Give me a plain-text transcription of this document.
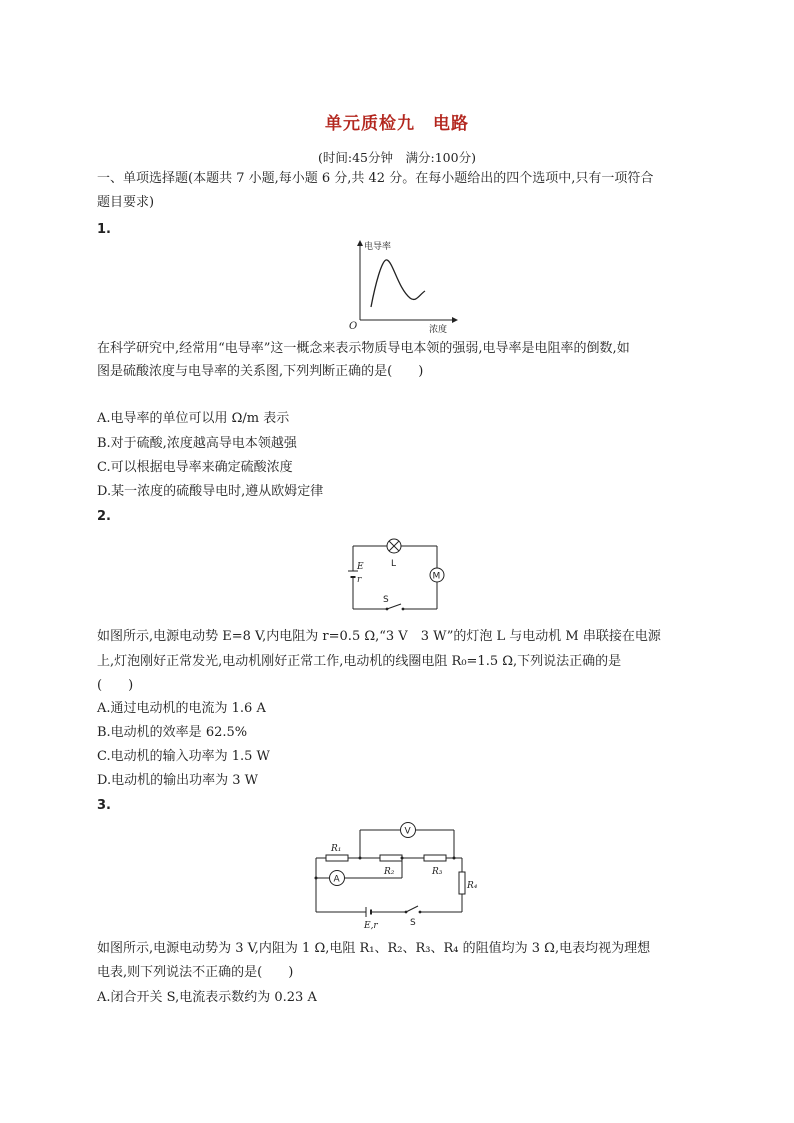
单元质检九　电路
(时间:45分钟　满分:100分)
一、单项选择题(本题共 7 小题,每小题 6 分,共 42 分。在每小题给出的四个选项中,只有一项符合
题目要求)
1.
电导率
浓度
O
在科学研究中,经常用“电导率”这一概念来表示物质导电本领的强弱,电导率是电阻率的倒数,如
图是硫酸浓度与电导率的关系图,下列判断正确的是(　　)
A.电导率的单位可以用 Ω/m 表示
B.对于硫酸,浓度越高导电本领越强
C.可以根据电导率来确定硫酸浓度
D.某一浓度的硫酸导电时,遵从欧姆定律
2.
L
M
E
r
S
如图所示,电源电动势 E=8 V,内电阻为 r=0.5 Ω,“3 V　3 W”的灯泡 L 与电动机 M 串联接在电源
上,灯泡刚好正常发光,电动机刚好正常工作,电动机的线圈电阻 R₀=1.5 Ω,下列说法正确的是
(　　)
A.通过电动机的电流为 1.6 A
B.电动机的效率是 62.5%
C.电动机的输入功率为 1.5 W
D.电动机的输出功率为 3 W
3.
V
R₁
R₂	R₃
A
R₄
E,r	S
如图所示,电源电动势为 3 V,内阻为 1 Ω,电阻 R₁、R₂、R₃、R₄ 的阻值均为 3 Ω,电表均视为理想
电表,则下列说法不正确的是(　　)
A.闭合开关 S,电流表示数约为 0.23 A
